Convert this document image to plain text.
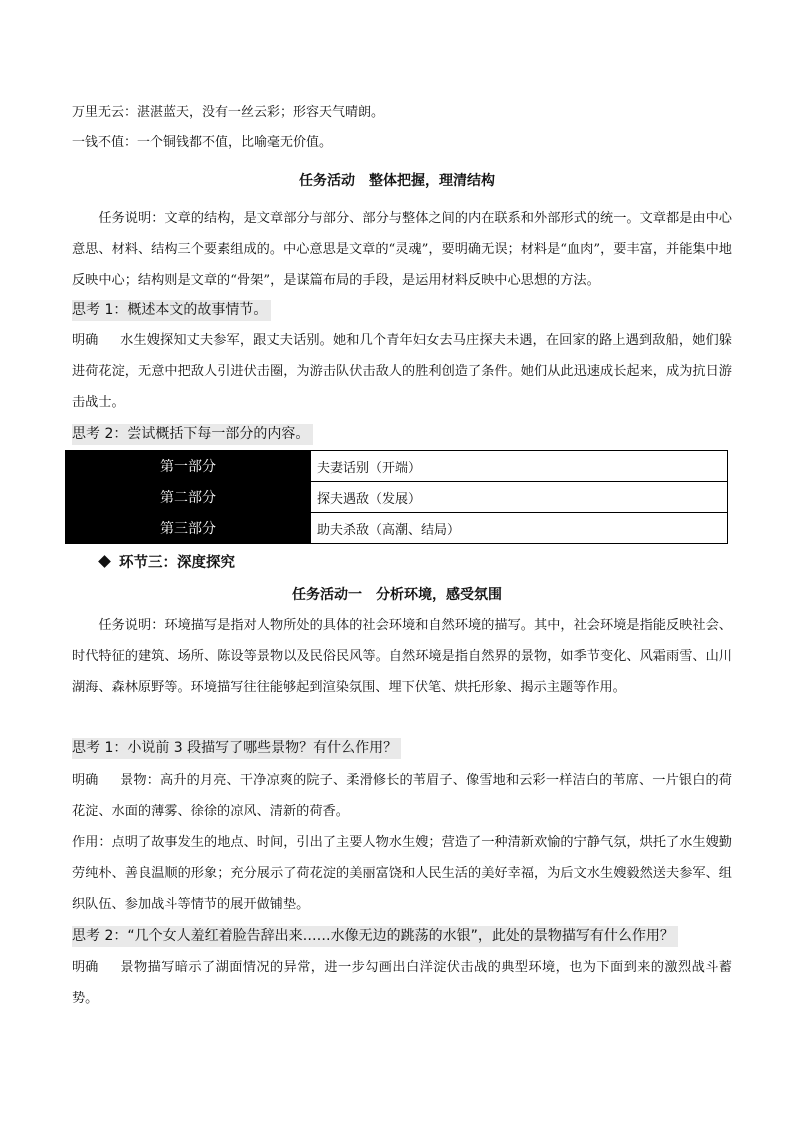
万里无云：湛湛蓝天，没有一丝云彩；形容天气晴朗。
一钱不值：一个铜钱都不值，比喻毫无价值。
任务活动　整体把握，理清结构
任务说明：文章的结构，是文章部分与部分、部分与整体之间的内在联系和外部形式的统一。文章都是由中心意思、材料、结构三个要素组成的。中心意思是文章的“灵魂”，要明确无误；材料是“血肉”，要丰富，并能集中地反映中心；结构则是文章的“骨架”，是谋篇布局的手段，是运用材料反映中心思想的方法。
思考 1：概述本文的故事情节。
明确 水生嫂探知丈夫参军，跟丈夫话别。她和几个青年妇女去马庄探夫未遇，在回家的路上遇到敌船，她们躲进荷花淀，无意中把敌人引进伏击圈，为游击队伏击敌人的胜利创造了条件。她们从此迅速成长起来，成为抗日游击战士。
思考 2：尝试概括下每一部分的内容。
第一部分	夫妻话别（开端）
第二部分	探夫遇敌（发展）
第三部分	助夫杀敌（高潮、结局）
环节三：深度探究
任务活动一　分析环境，感受氛围
任务说明：环境描写是指对人物所处的具体的社会环境和自然环境的描写。其中，社会环境是指能反映社会、时代特征的建筑、场所、陈设等景物以及民俗民风等。自然环境是指自然界的景物，如季节变化、风霜雨雪、山川湖海、森林原野等。环境描写往往能够起到渲染氛围、埋下伏笔、烘托形象、揭示主题等作用。
思考 1：小说前 3 段描写了哪些景物？有什么作用？
明确 景物：高升的月亮、干净凉爽的院子、柔滑修长的苇眉子、像雪地和云彩一样洁白的苇席、一片银白的荷花淀、水面的薄雾、徐徐的凉风、清新的荷香。
作用：点明了故事发生的地点、时间，引出了主要人物水生嫂；营造了一种清新欢愉的宁静气氛，烘托了水生嫂勤劳纯朴、善良温顺的形象；充分展示了荷花淀的美丽富饶和人民生活的美好幸福，为后文水生嫂毅然送夫参军、组织队伍、参加战斗等情节的展开做铺垫。
思考 2：“几个女人羞红着脸告辞出来……水像无边的跳荡的水银”，此处的景物描写有什么作用？
明确 景物描写暗示了湖面情况的异常，进一步勾画出白洋淀伏击战的典型环境，也为下面到来的激烈战斗蓄势。
